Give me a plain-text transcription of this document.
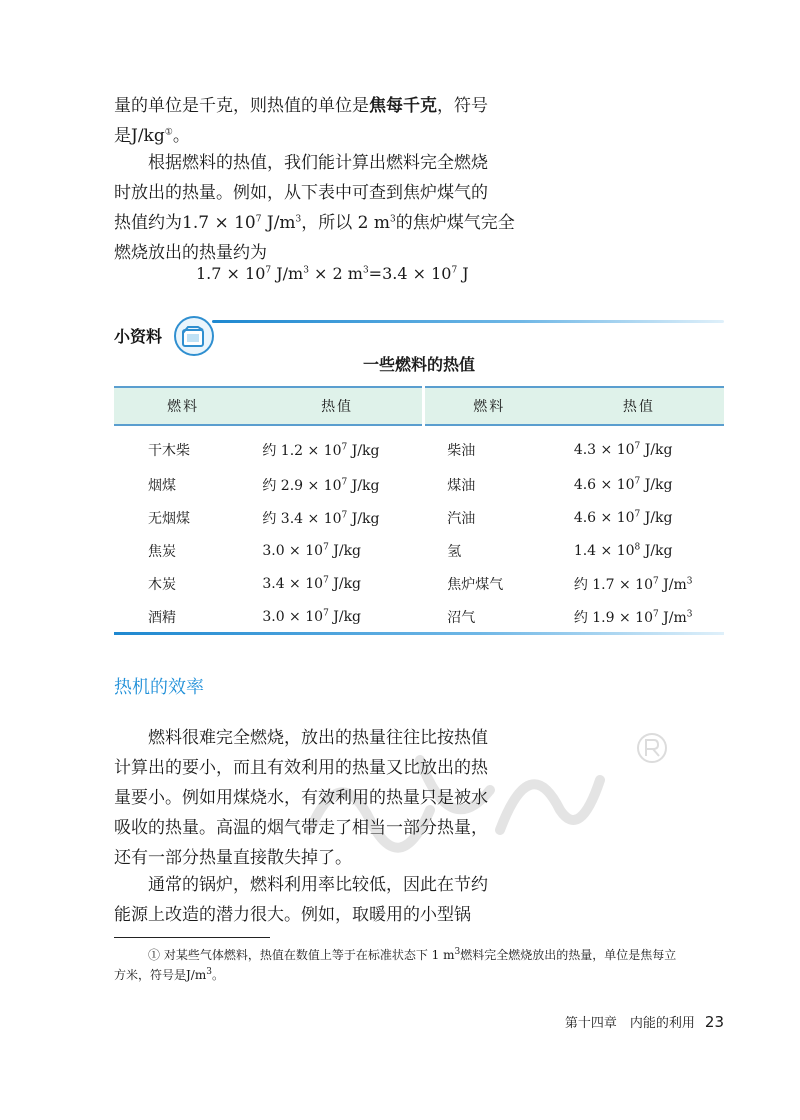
量的单位是千克，则热值的单位是焦每千克，符号
是J/kg①。
根据燃料的热值，我们能计算出燃料完全燃烧
时放出的热量。例如，从下表中可查到焦炉煤气的
热值约为$1.7 \times 10^7$ $J/m^3$，所以 2 $m^3$的焦炉煤气完全
燃烧放出的热量约为
$1.7 \times 10^7$ $J/m^3 \times 2$ $m^3=3.4 \times 10^7$ J
小资料
一些燃料的热值
燃料	热值	燃料	热值
干木柴	约 $1.2 \times 10^7$ J/kg	柴油	$4.3 \times 10^7$ J/kg
烟煤	约 $2.9 \times 10^7$ J/kg	煤油	$4.6 \times 10^7$ J/kg
无烟煤	约 $3.4 \times 10^7$ J/kg	汽油	$4.6 \times 10^7$ J/kg
焦炭	$3.0 \times 10^7$ J/kg	氢	$1.4 \times 10^8$ J/kg
木炭	$3.4 \times 10^7$ J/kg	焦炉煤气	约 $1.7 \times 10^7$ $J/m^3$
酒精	$3.0 \times 10^7$ J/kg	沼气	约 $1.9 \times 10^7$ $J/m^3$
热机的效率
燃料很难完全燃烧，放出的热量往往比按热值
计算出的要小，而且有效利用的热量又比放出的热
量要小。例如用煤烧水，有效利用的热量只是被水
吸收的热量。高温的烟气带走了相当一部分热量，
还有一部分热量直接散失掉了。
通常的锅炉，燃料利用率比较低，因此在节约
能源上改造的潜力很大。例如，取暖用的小型锅
① 对某些气体燃料，热值在数值上等于在标准状态下 1 $m^3$燃料完全燃烧放出的热量，单位是焦每立
方米，符号是$J/m^3$。
第十四章　内能的利用 23
